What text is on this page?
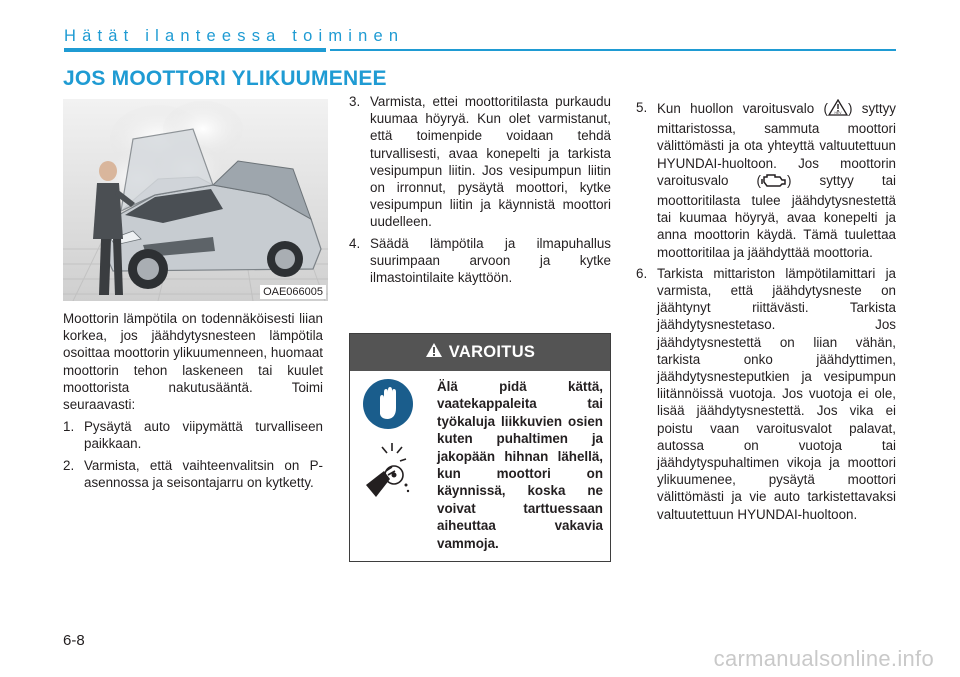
Hätät ilanteessa toiminen
JOS MOOTTORI YLIKUUMENEE
OAE066005

Moottorin lämpötila on todennäköisesti liian korkea, jos jäähdytysnesteen lämpötila osoittaa moottorin ylikuumenneen, huomaat moottorin tehon laskeneen tai kuulet moottorista nakutusääntä. Toimi seuraavasti:

1. Pysäytä auto viipymättä turvalliseen paikkaan.
2. Varmista, että vaihteenvalitsin on P-asennossa ja seisontajarru on kytketty.
3. Varmista, ettei moottoritilasta purkaudu kuumaa höyryä. Kun olet varmistanut, että toimenpide voidaan tehdä turvallisesti, avaa konepelti ja tarkista vesipumpun liitin. Jos vesipumpun liitin on irronnut, pysäytä moottori, kytke vesipumpun liitin ja käynnistä moottori uudelleen.
4. Säädä lämpötila ja ilmapuhallus suurimpaan arvoon ja kytke ilmastointilaite käyttöön.
VAROITUS

Älä pidä kättä, vaatekappaleita tai työkaluja liikkuvien osien kuten puhaltimen ja jakopään hihnan lähellä, kun moottori on käynnissä, koska ne voivat tarttuessaan aiheuttaa vakavia vammoja.
5. Kun huollon varoitusvalo ( HEV ) syttyy mittaristossa, sammuta moottori välittömästi ja ota yhteyttä valtuutettuun HYUNDAI-huoltoon. Jos moottorin varoitusvalo ( ) syttyy tai moottoritilasta tulee jäähdytysnestettä tai kuumaa höyryä, avaa konepelti ja anna moottorin käydä. Tämä tuulettaa moottoritilaa ja jäähdyttää moottoria.
6. Tarkista mittariston lämpötilamittari ja varmista, että jäähdytysneste on jäähtynyt riittävästi. Tarkista jäähdytysnestetaso. Jos jäähdytysnestettä on liian vähän, tarkista onko jäähdyttimen, jäähdytysnesteputkien ja vesipumpun liitännöissä vuotoja. Jos vuotoja ei ole, lisää jäähdytysnestettä. Jos vika ei poistu vaan varoitusvalot palavat, autossa on vuotoja tai jäähdytyspuhaltimen vikoja ja moottori ylikuumenee, pysäytä moottori välittömästi ja vie auto tarkistettavaksi valtuutettuun HYUNDAI-huoltoon.
6-8
carmanualsonline.info
